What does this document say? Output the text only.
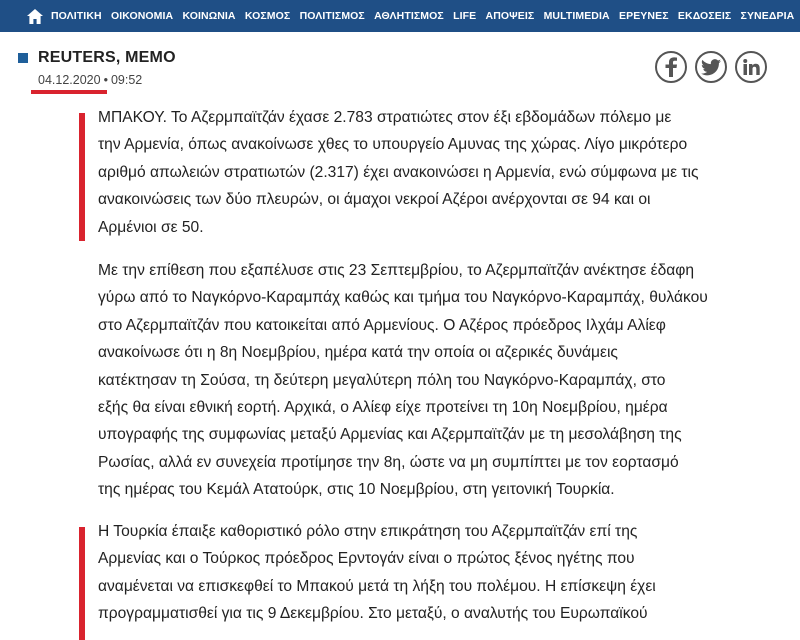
ΠΟΛΙΤΙΚΗ ΟΙΚΟΝΟΜΙΑ ΚΟΙΝΩΝΙΑ ΚΟΣΜΟΣ ΠΟΛΙΤΙΣΜΟΣ ΑΘΛΗΤΙΣΜΟΣ LIFE ΑΠΟΨΕΙΣ MULTIMEDIA ΕΡΕΥΝΕΣ ΕΚΔΟΣΕΙΣ ΣΥΝΕΔΡΙΑ
REUTERS, MEMO
04.12.2020 • 09:52

ΜΠΑΚΟΥ. Το Αζερμπαϊτζάν έχασε 2.783 στρατιώτες στον έξι εβδομάδων πόλεμο με

την Αρμενία, όπως ανακοίνωσε χθες το υπουργείο Αμυνας της χώρας. Λίγο μικρότερο

αριθμό απωλειών στρατιωτών (2.317) έχει ανακοινώσει η Αρμενία, ενώ σύμφωνα με τις

ανακοινώσεις των δύο πλευρών, οι άμαχοι νεκροί Αζέροι ανέρχονται σε 94 και οι

Αρμένιοι σε 50.

Με την επίθεση που εξαπέλυσε στις 23 Σεπτεμβρίου, το Αζερμπαϊτζάν ανέκτησε έδαφη

γύρω από το Ναγκόρνο-Καραμπάχ καθώς και τμήμα του Ναγκόρνο-Καραμπάχ, θυλάκου

στο Αζερμπαϊτζάν που κατοικείται από Αρμενίους. Ο Αζέρος πρόεδρος Ιλχάμ Αλίεφ

ανακοίνωσε ότι η 8η Νοεμβρίου, ημέρα κατά την οποία οι αζερικές δυνάμεις

κατέκτησαν τη Σούσα, τη δεύτερη μεγαλύτερη πόλη του Ναγκόρνο-Καραμπάχ, στο

εξής θα είναι εθνική εορτή. Αρχικά, ο Αλίεφ είχε προτείνει τη 10η Νοεμβρίου, ημέρα

υπογραφής της συμφωνίας μεταξύ Αρμενίας και Αζερμπαϊτζάν με τη μεσολάβηση της

Ρωσίας, αλλά εν συνεχεία προτίμησε την 8η, ώστε να μη συμπίπτει με τον εορτασμό

της ημέρας του Κεμάλ Ατατούρκ, στις 10 Νοεμβρίου, στη γειτονική Τουρκία.

Η Τουρκία έπαιξε καθοριστικό ρόλο στην επικράτηση του Αζερμπαϊτζάν επί της

Αρμενίας και ο Τούρκος πρόεδρος Ερντογάν είναι ο πρώτος ξένος ηγέτης που

αναμένεται να επισκεφθεί το Μπακού μετά τη λήξη του πολέμου. Η επίσκεψη έχει

προγραμματισθεί για τις 9 Δεκεμβρίου. Στο μεταξύ, ο αναλυτής του Ευρωπαϊκού
